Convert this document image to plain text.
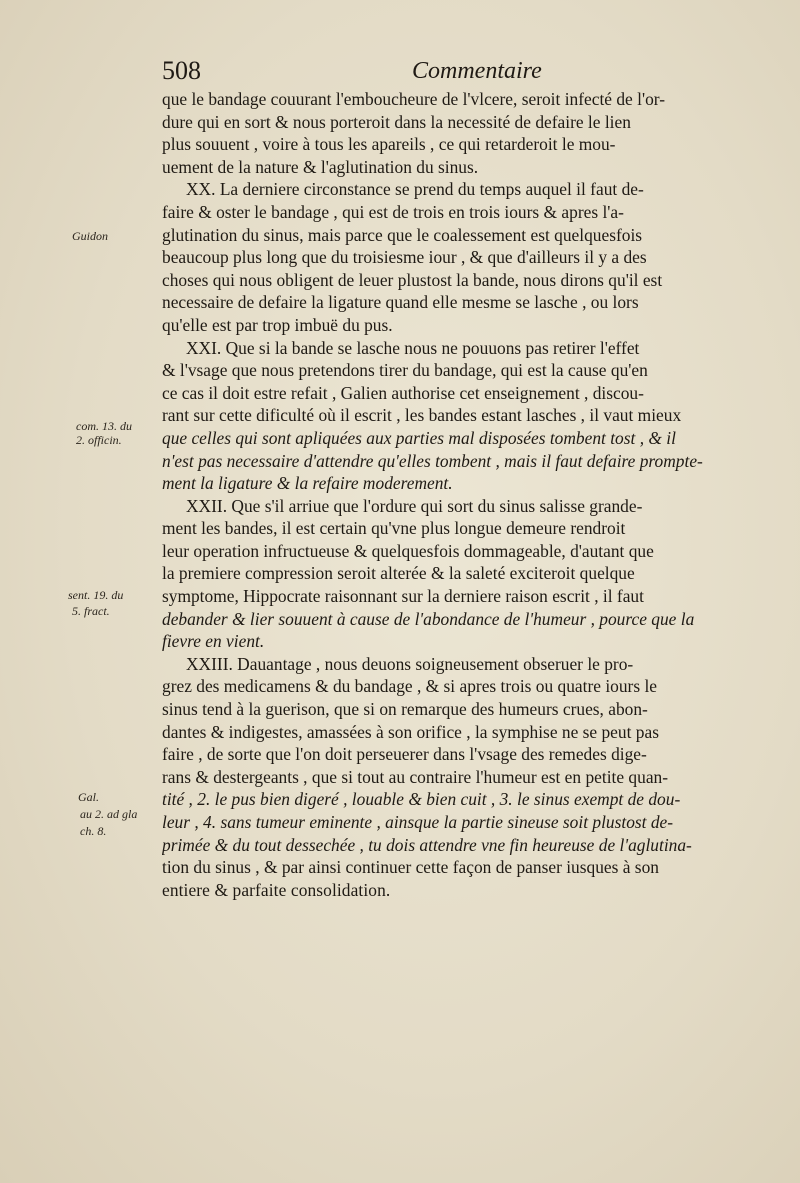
508	Commentaire
Guidon
com. 13. du
2. officin.
sent. 19. du
5. fract.
Gal.
au 2. ad gla
ch. 8.
que le bandage couurant l'emboucheure de l'vlcere, seroit infecté de l'or-
dure qui en sort & nous porteroit dans la necessité de defaire le lien
plus souuent , voire à tous les apareils , ce qui retarderoit le mou-
uement de la nature & l'aglutination du sinus.
XX. La derniere circonstance se prend du temps auquel il faut de-
faire & oster le bandage , qui est de trois en trois iours & apres l'a-
glutination du sinus, mais parce que le coalessement est quelquesfois
beaucoup plus long que du troisiesme iour , & que d'ailleurs il y a des
choses qui nous obligent de leuer plustost la bande, nous dirons qu'il est
necessaire de defaire la ligature quand elle mesme se lasche , ou lors
qu'elle est par trop imbuë du pus.
XXI. Que si la bande se lasche nous ne pouuons pas retirer l'effet
& l'vsage que nous pretendons tirer du bandage, qui est la cause qu'en
ce cas il doit estre refait , Galien authorise cet enseignement , discou-
rant sur cette dificulté où il escrit , les bandes estant lasches , il vaut mieux
que celles qui sont apliquées aux parties mal disposées tombent tost , & il
n'est pas necessaire d'attendre qu'elles tombent , mais il faut defaire prompte-
ment la ligature & la refaire moderement.
XXII. Que s'il arriue que l'ordure qui sort du sinus salisse grande-
ment les bandes, il est certain qu'vne plus longue demeure rendroit
leur operation infructueuse & quelquesfois dommageable, d'autant que
la premiere compression seroit alterée & la saleté exciteroit quelque
symptome, Hippocrate raisonnant sur la derniere raison escrit , il faut
debander & lier souuent à cause de l'abondance de l'humeur , pource que la
fievre en vient.
XXIII. Dauantage , nous deuons soigneusement obseruer le pro-
grez des medicamens & du bandage , & si apres trois ou quatre iours le
sinus tend à la guerison, que si on remarque des humeurs crues, abon-
dantes & indigestes, amassées à son orifice , la symphise ne se peut pas
faire , de sorte que l'on doit perseuerer dans l'vsage des remedes dige-
rans & destergeants , que si tout au contraire l'humeur est en petite quan-
tité , 2. le pus bien digeré , louable & bien cuit , 3. le sinus exempt de dou-
leur , 4. sans tumeur eminente , ainsque la partie sineuse soit plustost de-
primée & du tout dessechée , tu dois attendre vne fin heureuse de l'aglutina-
tion du sinus , & par ainsi continuer cette façon de panser iusques à son
entiere & parfaite consolidation.
